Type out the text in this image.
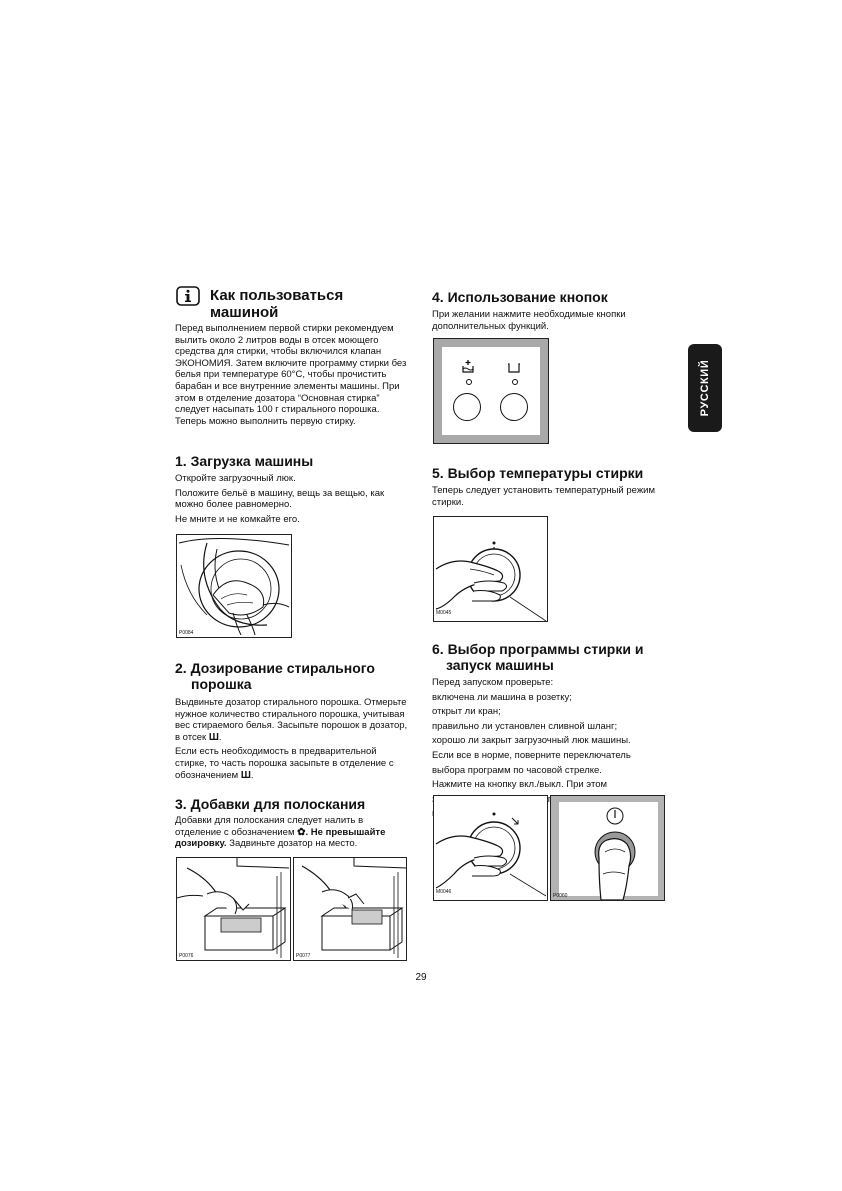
РУССКИЙ
Как пользоваться
машиной

Перед выполнением первой стирки рекомендуем вылить около 2 литров воды в отсек моющего средства для стирки, чтобы включился клапан ЭКОНОМИЯ. Затем включите программу стирки без белья при температуре 60°С, чтобы прочистить барабан и все внутренние элементы машины. При этом в отделение дозатора “Основная стирка” следует насыпать 100 г стирального порошка. Теперь можно выполнить первую стирку.

1. Загрузка машины

Откройте загрузочный люк.

Положите бельё в машину, вещь за вещью, как можно более равномерно.

Не мните и не комкайте его.

P0084
2. Дозирование стирального
порошка

Выдвиньте дозатор стирального порошка. Отмерьте нужное количество стирального порошка, учитывая вес стираемого белья. Засыпьте порошок в дозатор, в отсек Ш.

Если есть необходимость в предварительной стирке, то часть порошка засыпьте в отделение с обозначением Ш.

3. Добавки для полоскания

Добавки для полоскания следует налить в отделение с обозначением ✿. Не превышайте дозировку. Задвиньте дозатор на место.

P0076	P0077
4. Использование кнопок

При желании нажмите необходимые кнопки дополнительных функций.

5. Выбор температуры стирки

Теперь следует установить температурный режим стирки.

M0045
6. Выбор программы стирки и
запуск машины
Перед запуском проверьте:
включена ли машина в розетку;
открыт ли кран;
правильно ли установлен сливной шланг;
хорошо ли закрыт загрузочный люк машины.
Если все в норме, поверните переключатель
выбора программ по часовой стрелке.
Нажмите на кнопку вкл./выкл. При этом
M0046
P0060
29
